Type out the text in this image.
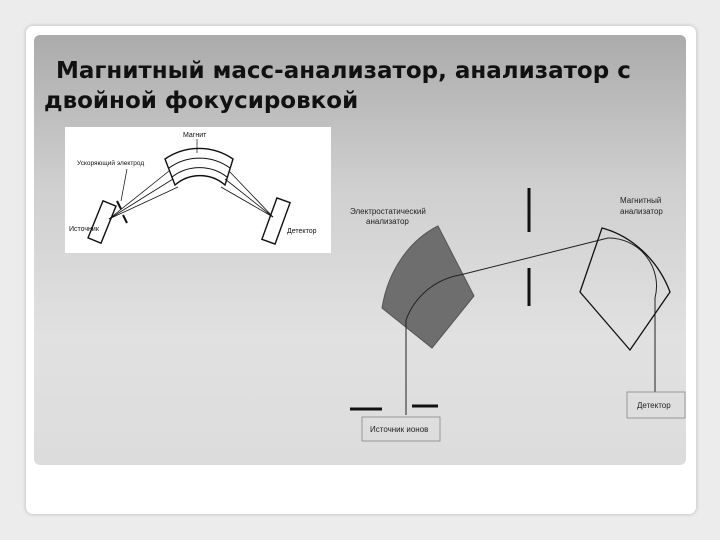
Магнитный масс-анализатор, анализатор с
двойной фокусировкой
Магнит
Ускоряющий электрод
Источник	Детектор
Электростатический
анализатор
Магнитный
анализатор
Детектор
Источник ионов
